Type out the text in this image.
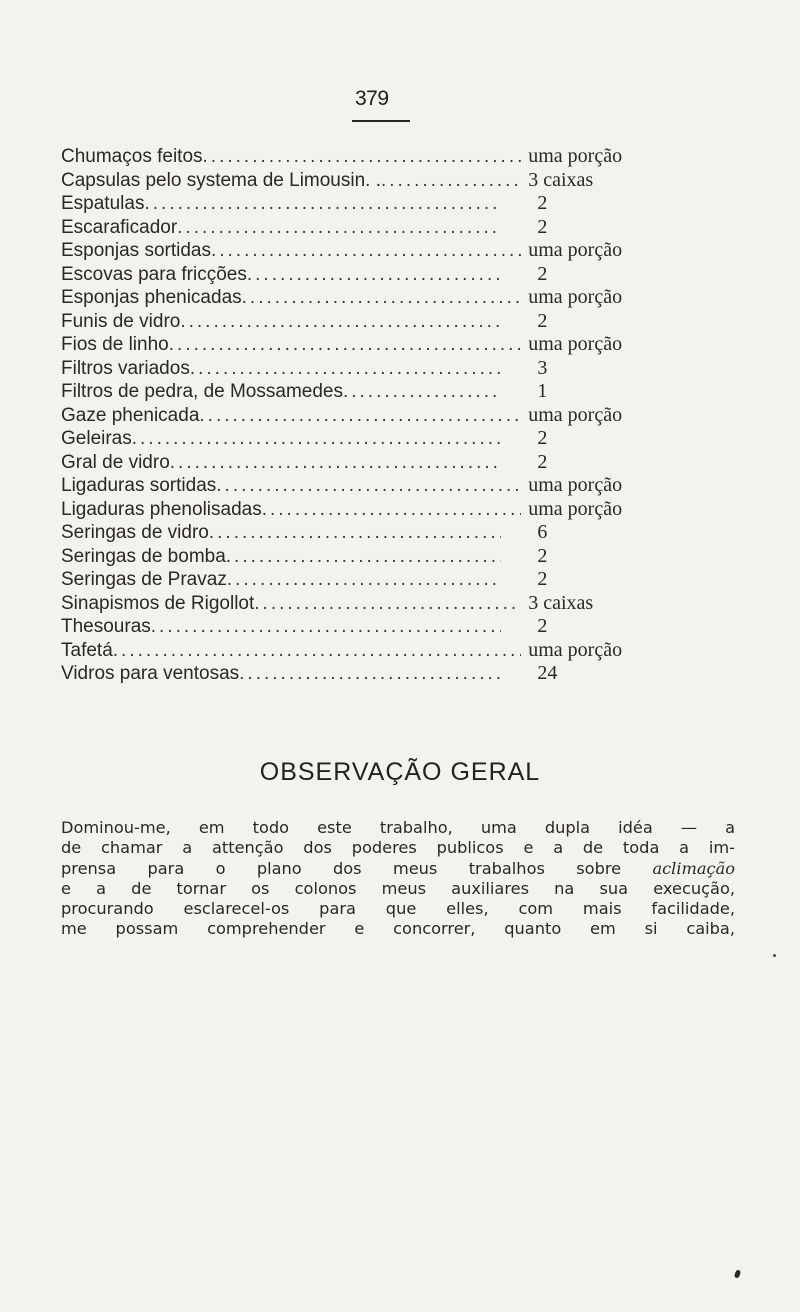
379
Chumaços feitos .....	uma porção
Capsulas pelo systema de Limousin. . .....	3 caixas
Espatulas .....	2
Escarafiсador .....	2
Esponjas sortidas .....	uma porção
Escovas para fricções .....	2
Esponjas phenicadas .....	uma porção
Funis de vidro .....	2
Fios de linho .....	uma porção
Filtros variados .....	3
Filtros de pedra, de Mossamedes .....	1
Gaze phenicada .....	uma porção
Geleiras .....	2
Gral de vidro .....	2
Ligaduras sortidas .....	uma porção
Ligaduras phenolisadas .....	uma porção
Seringas de vidro .....	6
Seringas de bomba .....	2
Seringas de Pravaz .....	2
Sinapismos de Rigollot .....	3 caixas
Thesouras .....	2
Tafetá .....	uma porção
Vidros para ventosas .....	24
OBSERVAÇÃO GERAL
Dominou-me, em todo este trabalho, uma dupla idéa — a
de chamar a attenção dos poderes publicos e a de toda a im-
prensa para o plano dos meus trabalhos sobre aclimação
e a de tornar os colonos meus auxiliares na sua execução,
procurando esclarecel-os para que elles, com mais facilidade,
me possam comprehender e concorrer, quanto em si caiba,
